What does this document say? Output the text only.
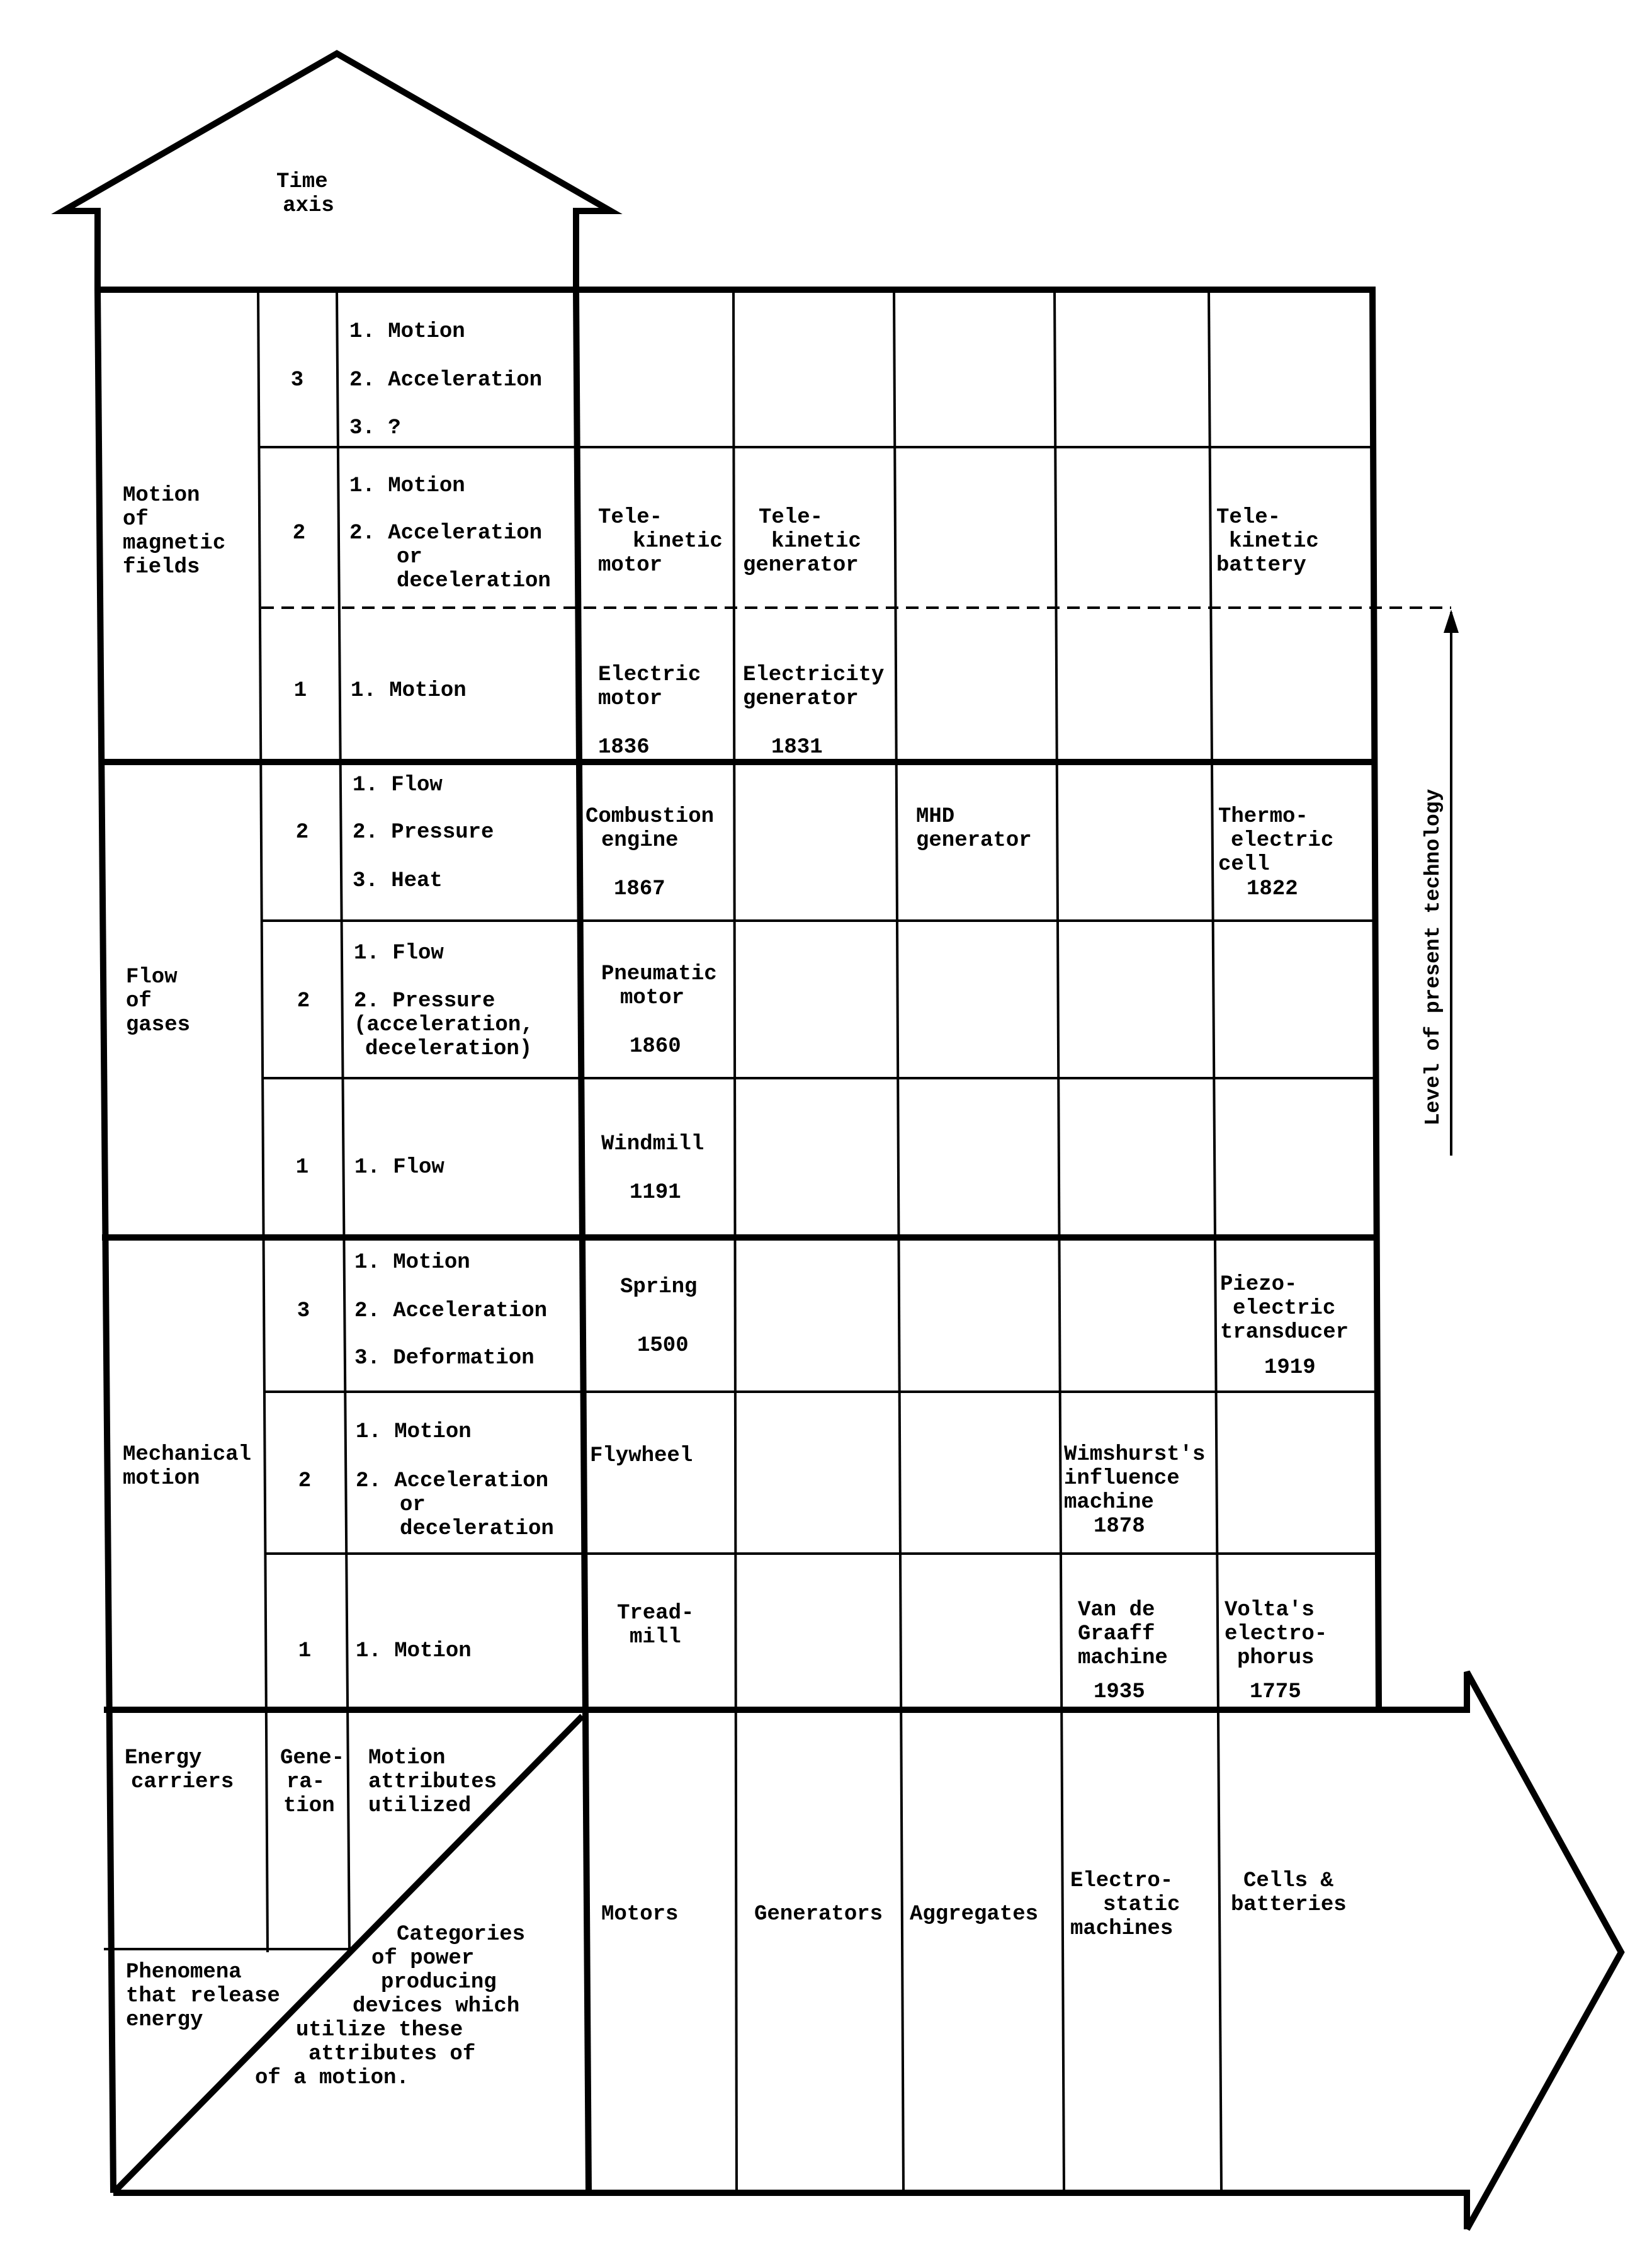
Time axis
Level of present technology
Motion of magnetic fields
Flow of gases
Mechanical motion
3
2
1
2
2
1
3
2
1
1. Motion 2. Acceleration 3. ?
1. Motion 2. Acceleration or deceleration
1. Motion
1. Flow 2. Pressure 3. Heat
1. Flow 2. Pressure (acceleration, deceleration)
1. Flow
1. Motion 2. Acceleration 3. Deformation
1. Motion 2. Acceleration or deceleration
1. Motion
Tele- kinetic motor
Tele- kinetic generator
Tele- kinetic battery
Electric motor 1836
Electricity generator 1831
Combustion engine 1867
MHD generator
Thermo- electric cell 1822
Pneumatic motor 1860
Windmill 1191
Spring 1500
Piezo- electric transducer 1919
Flywheel	Wimshurst's influence machine 1878
Tread- mill
Van de Graaff machine 1935
Volta's electro- phorus 1775
Energy carriers
Gene- ra- tion
Motion attributes utilized
Phenomena that release energy
Categories of power producing devices which utilize these attributes of of a motion.
Motors	Generators Aggregates
Electro- static machines
Cells & batteries
